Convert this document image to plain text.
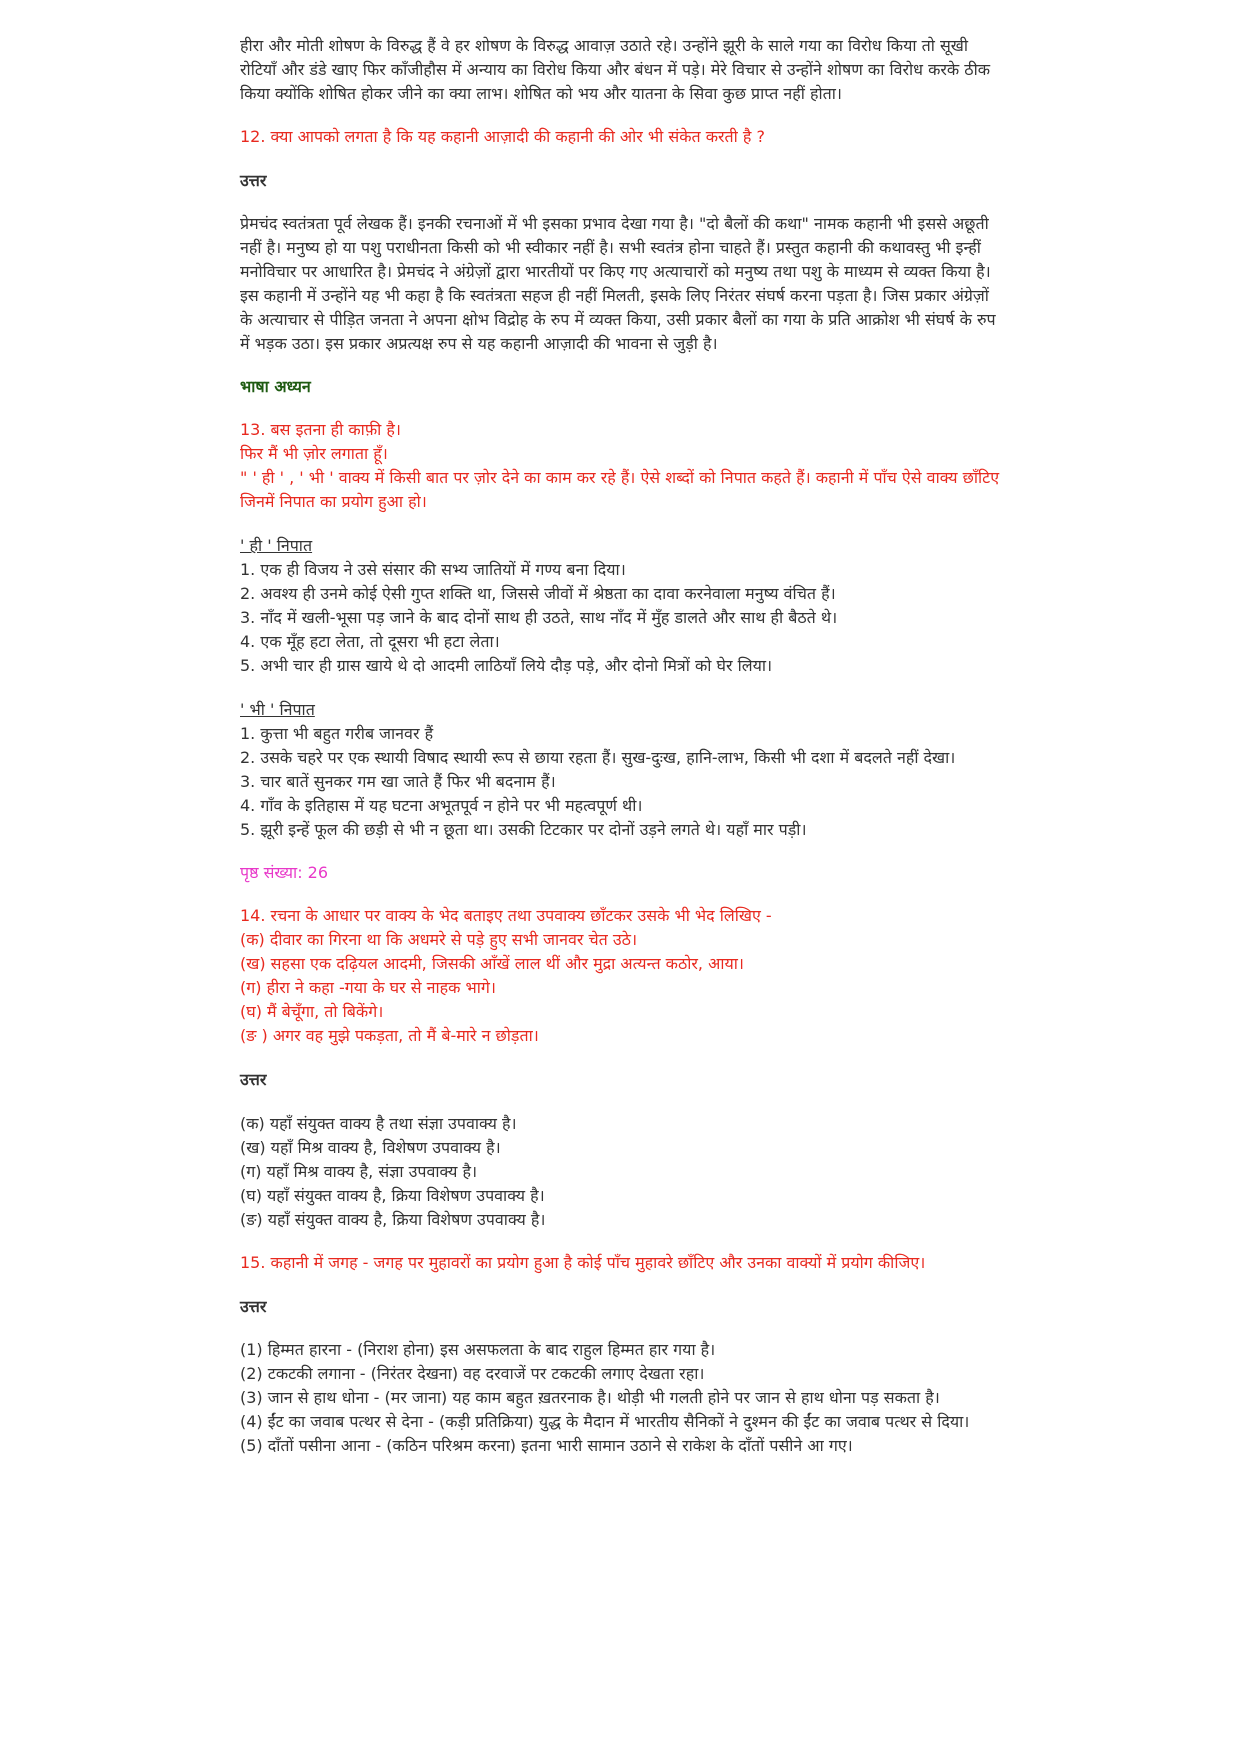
हीरा और मोती शोषण के विरुद्ध हैं वे हर शोषण के विरुद्ध आवाज़ उठाते रहे। उन्होंने झूरी के साले गया का विरोध किया तो सूखी रोटियाँ और डंडे खाए फिर काँजीहौस में अन्याय का विरोध किया और बंधन में पड़े। मेरे विचार से उन्होंने शोषण का विरोध करके ठीक किया क्योंकि शोषित होकर जीने का क्या लाभ। शोषित को भय और यातना के सिवा कुछ प्राप्त नहीं होता।

12. क्या आपको लगता है कि यह कहानी आज़ादी की कहानी की ओर भी संकेत करती है ?

उत्तर

प्रेमचंद स्वतंत्रता पूर्व लेखक हैं। इनकी रचनाओं में भी इसका प्रभाव देखा गया है। "दो बैलों की कथा" नामक कहानी भी इससे अछूती नहीं है। मनुष्य हो या पशु पराधीनता किसी को भी स्वीकार नहीं है। सभी स्वतंत्र होना चाहते हैं। प्रस्तुत कहानी की कथावस्तु भी इन्हीं मनोविचार पर आधारित है। प्रेमचंद ने अंग्रेज़ों द्वारा भारतीयों पर किए गए अत्याचारों को मनुष्य तथा पशु के माध्यम से व्यक्त किया है। इस कहानी में उन्होंने यह भी कहा है कि स्वतंत्रता सहज ही नहीं मिलती, इसके लिए निरंतर संघर्ष करना पड़ता है। जिस प्रकार अंग्रेज़ों के अत्याचार से पीड़ित जनता ने अपना क्षोभ विद्रोह के रुप में व्यक्त किया, उसी प्रकार बैलों का गया के प्रति आक्रोश भी संघर्ष के रुप में भड़क उठा। इस प्रकार अप्रत्यक्ष रुप से यह कहानी आज़ादी की भावना से जुड़ी है।

भाषा अध्यन

13. बस इतना ही काफ़ी है।

फिर मैं भी ज़ोर लगाता हूँ।

" ' ही ' , ' भी ' वाक्य में किसी बात पर ज़ोर देने का काम कर रहे हैं। ऐसे शब्दों को निपात कहते हैं। कहानी में पाँच ऐसे वाक्य छाँटिए जिनमें निपात का प्रयोग हुआ हो।

' ही ' निपात

1. एक ही विजय ने उसे संसार की सभ्य जातियों में गण्य बना दिया।

2. अवश्य ही उनमे कोई ऐसी गुप्त शक्ति था, जिससे जीवों में श्रेष्ठता का दावा करनेवाला मनुष्य वंचित हैं।

3. नाँद में खली-भूसा पड़ जाने के बाद दोनों साथ ही उठते, साथ नाँद में मुँह डालते और साथ ही बैठते थे।

4. एक मूँह हटा लेता, तो दूसरा भी हटा लेता।

5. अभी चार ही ग्रास खाये थे दो आदमी लाठियाँ लिये दौड़ पड़े, और दोनो मित्रों को घेर लिया।

' भी ' निपात

1. कुत्ता भी बहुत गरीब जानवर हैं

2. उसके चहरे पर एक स्थायी विषाद स्थायी रूप से छाया रहता हैं। सुख-दुःख, हानि-लाभ, किसी भी दशा में बदलते नहीं देखा।

3. चार बातें सुनकर गम खा जाते हैं फिर भी बदनाम हैं।

4. गाँव के इतिहास में यह घटना अभूतपूर्व न होने पर भी महत्वपूर्ण थी।

5. झूरी इन्हें फूल की छड़ी से भी न छूता था। उसकी टिटकार पर दोनों उड़ने लगते थे। यहाँ मार पड़ी।

पृष्ठ संख्या: 26

14. रचना के आधार पर वाक्य के भेद बताइए तथा उपवाक्य छाँटकर उसके भी भेद लिखिए -

(क) दीवार का गिरना था कि अधमरे से पड़े हुए सभी जानवर चेत उठे।

(ख) सहसा एक दढ़ियल आदमी, जिसकी आँखें लाल थीं और मुद्रा अत्यन्त कठोर, आया।

(ग) हीरा ने कहा -गया के घर से नाहक भागे।

(घ) मैं बेचूँगा, तो बिकेंगे।

(ङ ) अगर वह मुझे पकड़ता, तो मैं बे-मारे न छोड़ता।

उत्तर

(क) यहाँ संयुक्त वाक्य है तथा संज्ञा उपवाक्य है।

(ख) यहाँ मिश्र वाक्य है, विशेषण उपवाक्य है।

(ग) यहाँ मिश्र वाक्य है, संज्ञा उपवाक्य है।

(घ) यहाँ संयुक्त वाक्य है, क्रिया विशेषण उपवाक्य है।

(ङ) यहाँ संयुक्त वाक्य है, क्रिया विशेषण उपवाक्य है।

15. कहानी में जगह - जगह पर मुहावरों का प्रयोग हुआ है कोई पाँच मुहावरे छाँटिए और उनका वाक्यों में प्रयोग कीजिए।

उत्तर

(1) हिम्मत हारना - (निराश होना) इस असफलता के बाद राहुल हिम्मत हार गया है।

(2) टकटकी लगाना - (निरंतर देखना) वह दरवाजें पर टकटकी लगाए देखता रहा।

(3) जान से हाथ धोना - (मर जाना) यह काम बहुत ख़तरनाक है। थोड़ी भी गलती होने पर जान से हाथ धोना पड़ सकता है।

(4) ईंट का जवाब पत्थर से देना - (कड़ी प्रतिक्रिया) युद्ध के मैदान में भारतीय सैनिकों ने दुश्मन की ईंट का जवाब पत्थर से दिया।

(5) दाँतों पसीना आना - (कठिन परिश्रम करना) इतना भारी सामान उठाने से राकेश के दाँतों पसीने आ गए।
